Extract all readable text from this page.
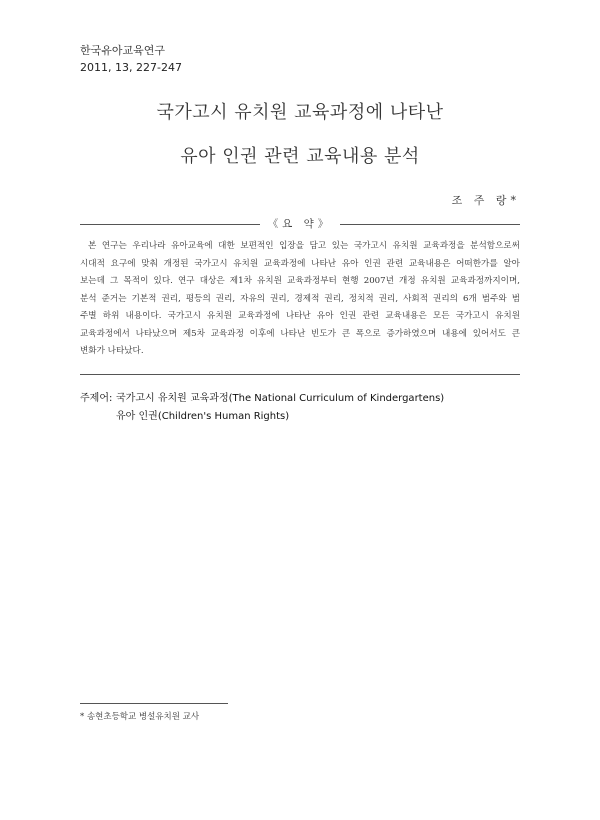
한국유아교육연구
2011, 13, 227-247
국가고시 유치원 교육과정에 나타난
유아 인권 관련 교육내용 분석
조 주 랑*
《요 약》
본 연구는 우리나라 유아교육에 대한 보편적인 입장을 담고 있는 국가고시 유치원 교육과정을 분석함으로써
시대적 요구에 맞춰 개정된 국가고시 유치원 교육과정에 나타난 유아 인권 관련 교육내용은 어떠한가를 알아
보는데 그 목적이 있다. 연구 대상은 제1차 유치원 교육과정부터 현행 2007년 개정 유치원 교육과정까지이며,
분석 준거는 기본적 권리, 평등의 권리, 자유의 권리, 경제적 권리, 정치적 권리, 사회적 권리의 6개 범주와 범
주별 하위 내용이다. 국가고시 유치원 교육과정에 나타난 유아 인권 관련 교육내용은 모든 국가고시 유치원
교육과정에서 나타났으며 제5차 교육과정 이후에 나타난 빈도가 큰 폭으로 증가하였으며 내용에 있어서도 큰
변화가 나타났다.
주제어: 국가고시 유치원 교육과정(The National Curriculum of Kindergartens)
유아 인권(Children's Human Rights)
* 송현초등학교 병설유치원 교사
